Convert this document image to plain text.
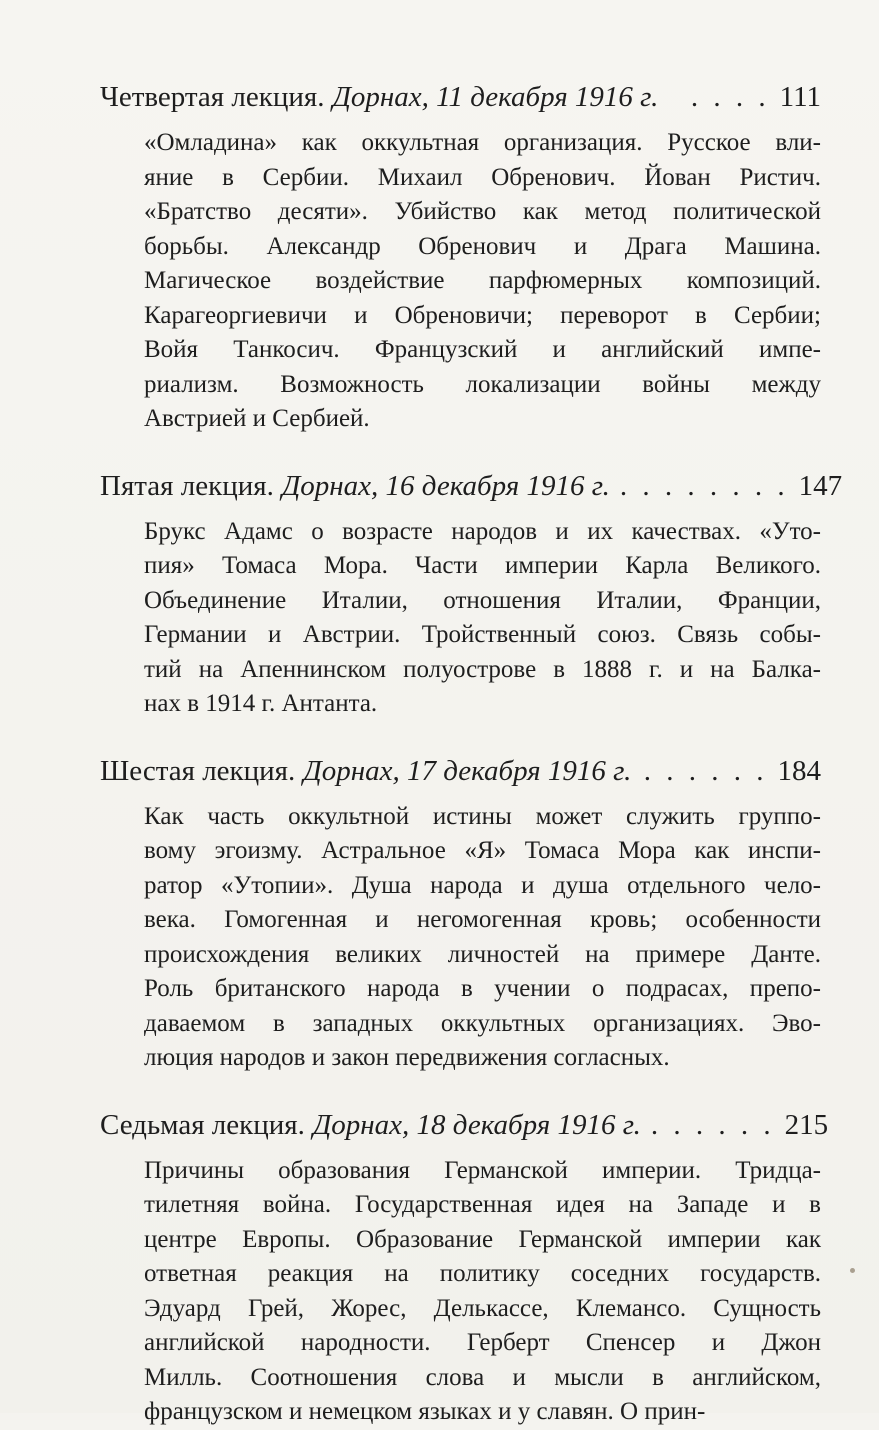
Четвертая лекция. Дорнах, 11 декабря 1916 г.	. . . . 111
«Омладина» как оккультная организация. Русское вли-
яние в Сербии. Михаил Обренович. Йован Ристич.
«Братство десяти». Убийство как метод политической
борьбы. Александр Обренович и Драга Машина.
Магическое воздействие парфюмерных композиций.
Карагеоргиевичи и Обреновичи; переворот в Сербии;
Войя Танкосич. Французский и английский импе-
риализм. Возможность локализации войны между
Австрией и Сербией.
Пятая лекция. Дорнах, 16 декабря 1916 г. . . . . . . . . 147
Брукс Адамс о возрасте народов и их качествах. «Уто-
пия» Томаса Мора. Части империи Карла Великого.
Объединение Италии, отношения Италии, Франции,
Германии и Австрии. Тройственный союз. Связь собы-
тий на Апеннинском полуострове в 1888 г. и на Балка-
нах в 1914 г. Антанта.
Шестая лекция. Дорнах, 17 декабря 1916 г. . . . . . . 184
Как часть оккультной истины может служить группо-
вому эгоизму. Астральное «Я» Томаса Мора как инспи-
ратор «Утопии». Душа народа и душа отдельного чело-
века. Гомогенная и негомогенная кровь; особенности
происхождения великих личностей на примере Данте.
Роль британского народа в учении о подрасах, препо-
даваемом в западных оккультных организациях. Эво-
люция народов и закон передвижения согласных.
Седьмая лекция. Дорнах, 18 декабря 1916 г. . . . . . . 215
Причины образования Германской империи. Тридца-
тилетняя война. Государственная идея на Западе и в
центре Европы. Образование Германской империи как
ответная реакция на политику соседних государств.
Эдуард Грей, Жорес, Делькассе, Клемансо. Сущность
английской народности. Герберт Спенсер и Джон
Милль. Соотношения слова и мысли в английском,
французском и немецком языках и у славян. О прин-
